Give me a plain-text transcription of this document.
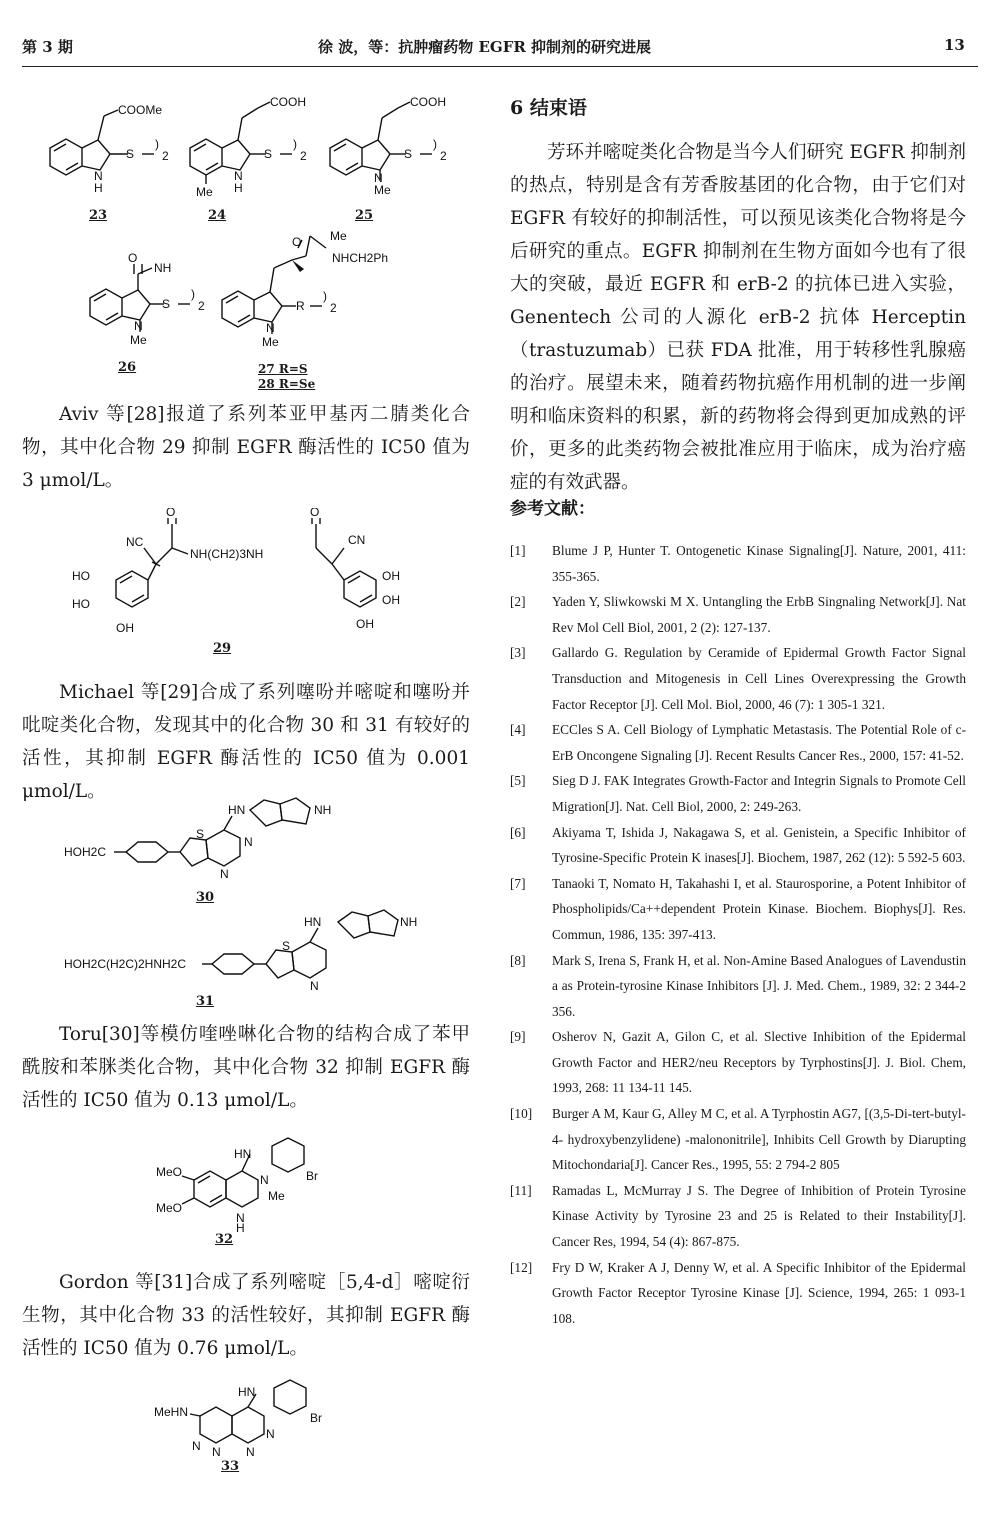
第 3 期	徐 波，等：抗肿瘤药物 EGFR 抑制剂的研究进展	13
COOMe
S
)
2
N
H
COOH
S
)
2
N
H
Me
COOH
S
)
2
N
Me
O
NH
S
)
2
N
Me
O Me
NHCH2Ph
R
)
2
N
Me
23	24	25
26	27 R=S
28 R=Se

Aviv 等[28]报道了系列苯亚甲基丙二腈类化合物，其中化合物 29 抑制 EGFR 酶活性的 IC50 值为 3 μmol/L。

NC
O
NH(CH2)3NH
O
CN
HO
HO
OH
OH
OH
OH
29

Michael 等[29]合成了系列噻吩并嘧啶和噻吩并吡啶类化合物，发现其中的化合物 30 和 31 有较好的活性，其抑制 EGFR 酶活性的 IC50 值为 0.001 μmol/L。

HOH2C
S
N
N
HN	NH
30
HOH2C(H2C)2HNH2C
S
N
HN	NH
31

Toru[30]等模仿喹唑啉化合物的结构合成了苯甲酰胺和苯脒类化合物，其中化合物 32 抑制 EGFR 酶活性的 IC50 值为 0.13 μmol/L。

MeO
MeO
HN
Br
N
Me
N
H
32

Gordon 等[31]合成了系列嘧啶［5,4-d］嘧啶衍生物，其中化合物 33 的活性较好，其抑制 EGFR 酶活性的 IC50 值为 0.76 μmol/L。

MeHN
HN
Br
N N
N
N
33
6 结束语

芳环并嘧啶类化合物是当今人们研究 EGFR 抑制剂的热点，特别是含有芳香胺基团的化合物，由于它们对 EGFR 有较好的抑制活性，可以预见该类化合物将是今后研究的重点。EGFR 抑制剂在生物方面如今也有了很大的突破，最近 EGFR 和 erB-2 的抗体已进入实验，Genentech 公司的人源化 erB-2 抗体 Herceptin（trastuzumab）已获 FDA 批准，用于转移性乳腺癌的治疗。展望未来，随着药物抗癌作用机制的进一步阐明和临床资料的积累，新的药物将会得到更加成熟的评价，更多的此类药物会被批准应用于临床，成为治疗癌症的有效武器。

参考文献：
[1] Blume J P, Hunter T. Ontogenetic Kinase Signaling[J]. Nature, 2001, 411: 355-365.
[2] Yaden Y, Sliwkowski M X. Untangling the ErbB Singnaling Network[J]. Nat Rev Mol Cell Biol, 2001, 2 (2): 127-137.
[3] Gallardo G. Regulation by Ceramide of Epidermal Growth Factor Signal Transduction and Mitogenesis in Cell Lines Overexpressing the Growth Factor Receptor [J]. Cell Mol. Biol, 2000, 46 (7): 1 305-1 321.
[4] ECCles S A. Cell Biology of Lymphatic Metastasis. The Potential Role of c-ErB Oncongene Signaling [J]. Recent Results Cancer Res., 2000, 157: 41-52.
[5] Sieg D J. FAK Integrates Growth-Factor and Integrin Signals to Promote Cell Migration[J]. Nat. Cell Biol, 2000, 2: 249-263.
[6] Akiyama T, Ishida J, Nakagawa S, et al. Genistein, a Specific Inhibitor of Tyrosine-Specific Protein K inases[J]. Biochem, 1987, 262 (12): 5 592-5 603.
[7] Tanaoki T, Nomato H, Takahashi I, et al. Staurosporine, a Potent Inhibitor of Phospholipids/Ca++dependent Protein Kinase. Biochem. Biophys[J]. Res. Commun, 1986, 135: 397-413.
[8] Mark S, Irena S, Frank H, et al. Non-Amine Based Analogues of Lavendustin a as Protein-tyrosine Kinase Inhibitors [J]. J. Med. Chem., 1989, 32: 2 344-2 356.
[9] Osherov N, Gazit A, Gilon C, et al. Slective Inhibition of the Epidermal Growth Factor and HER2/neu Receptors by Tyrphostins[J]. J. Biol. Chem, 1993, 268: 11 134-11 145.
[10] Burger A M, Kaur G, Alley M C, et al. A Tyrphostin AG7, [(3,5-Di-tert-butyl-4- hydroxybenzylidene) -malononitrile], Inhibits Cell Growth by Diarupting Mitochondaria[J]. Cancer Res., 1995, 55: 2 794-2 805
[11] Ramadas L, McMurray J S. The Degree of Inhibition of Protein Tyrosine Kinase Activity by Tyrosine 23 and 25 is Related to their Instability[J]. Cancer Res, 1994, 54 (4): 867-875.
[12] Fry D W, Kraker A J, Denny W, et al. A Specific Inhibitor of the Epidermal Growth Factor Receptor Tyrosine Kinase [J]. Science, 1994, 265: 1 093-1 108.
